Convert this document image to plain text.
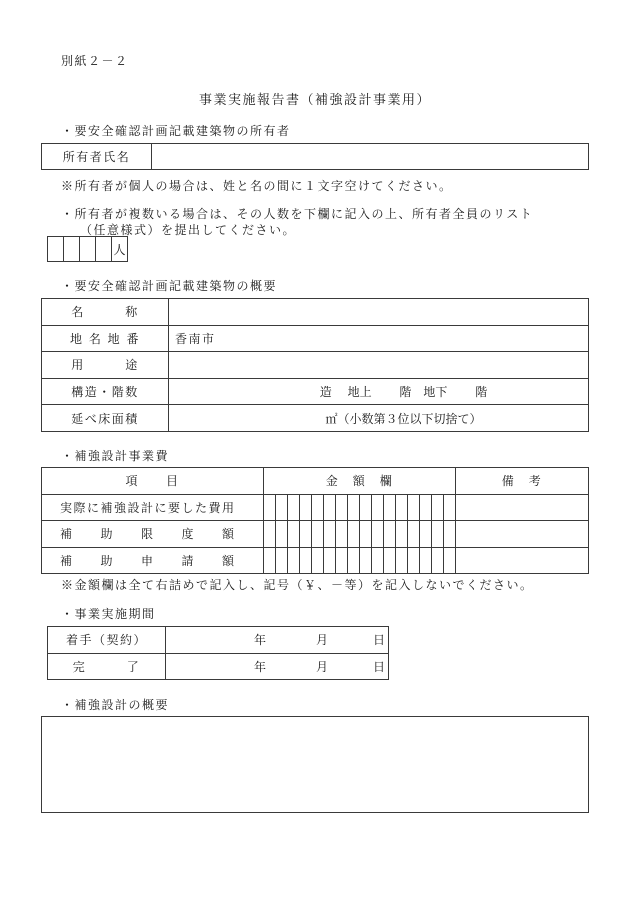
別紙２－２
事業実施報告書（補強設計事業用）
・要安全確認計画記載建築物の所有者
所有者氏名	
※所有者が個人の場合は、姓と名の間に１文字空けてください。
・所有者が複数いる場合は、その人数を下欄に記入の上、所有者全員のリスト
（任意様式）を提出してください。
				人
・要安全確認計画記載建築物の概要
名　　　称	
地 名 地 番	香南市
用　　　途	
構造・階数	造　 地上　　 階　地下　　 階
延べ床面積	㎡（小数第３位以下切捨て）
・補強設計事業費
項　　目	金　額　欄																備　考
実際に補強設計に要した費用																	
補　　助　　限　　度　　額																	
補　　助　　申　　請　　額																	
※金額欄は全て右詰めで記入し、記号（￥、－等）を記入しないでください。
・事業実施期間
着手（契約）	年 月 日
完　　　了	年 月 日
・補強設計の概要
